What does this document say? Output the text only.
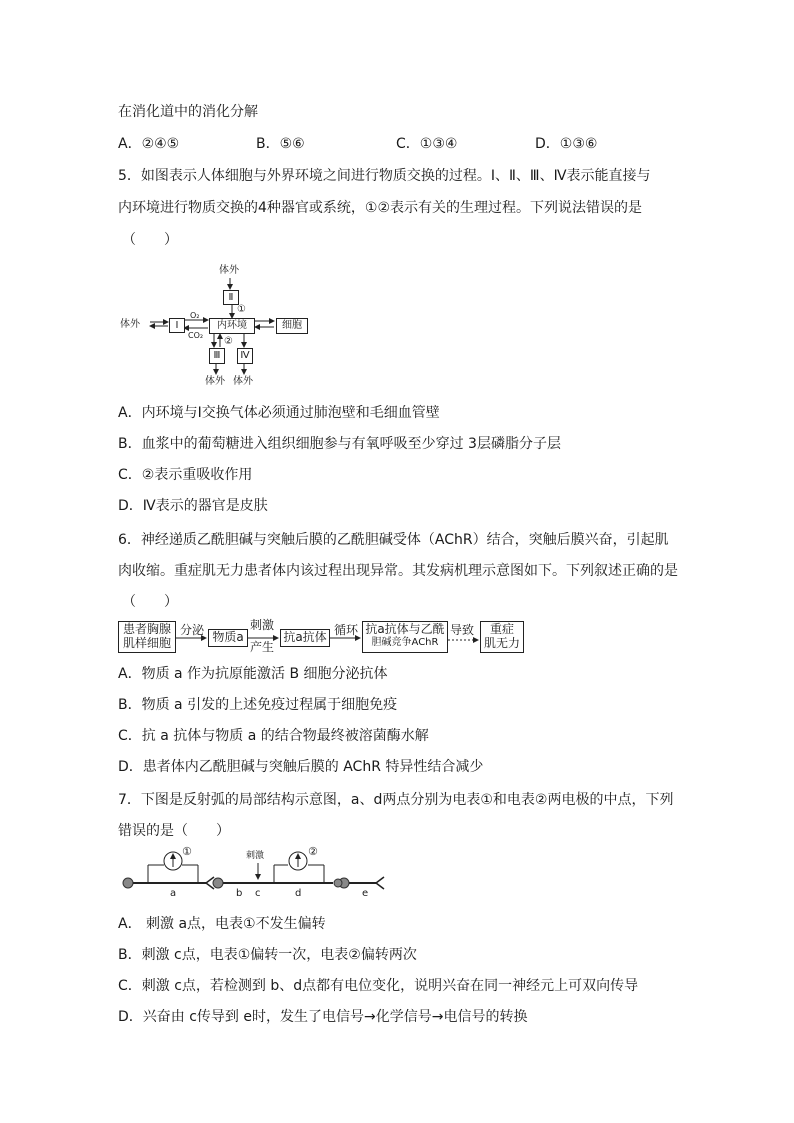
在消化道中的消化分解
A．②④⑤	B．⑤⑥	C．①③④	D．①③⑥
5．如图表示人体细胞与外界环境之间进行物质交换的过程。Ⅰ、Ⅱ、Ⅲ、Ⅳ表示能直接与
内环境进行物质交换的4种器官或系统，①②表示有关的生理过程。下列说法错误的是
（　　）
体外
Ⅱ
①
体外	Ⅰ
O₂
CO₂
内环境	细胞
②
Ⅲ	Ⅳ
体外 体外
A．内环境与Ⅰ交换气体必须通过肺泡壁和毛细血管壁
B．血浆中的葡萄糖进入组织细胞参与有氧呼吸至少穿过 3层磷脂分子层
C．②表示重吸收作用
D．Ⅳ表示的器官是皮肤
6．神经递质乙酰胆碱与突触后膜的乙酰胆碱受体（AChR）结合，突触后膜兴奋，引起肌
肉收缩。重症肌无力患者体内该过程出现异常。其发病机理示意图如下。下列叙述正确的是
（　　）
患者胸腺
肌样细胞
分泌 物质a
刺激
产生
抗a抗体 循环 抗a抗体与乙酰
胆碱竞争AChR
导致	重症
肌无力
A．物质 a 作为抗原能激活 B 细胞分泌抗体
B．物质 a 引发的上述免疫过程属于细胞免疫
C．抗 a 抗体与物质 a 的结合物最终被溶菌酶水解
D．患者体内乙酰胆碱与突触后膜的 AChR 特异性结合减少
7．下图是反射弧的局部结构示意图，a、d两点分别为电表①和电表②两电极的中点，下列
错误的是（　　）
①	②
刺激
a	b c	d	e
A． 刺激 a点，电表①不发生偏转
B．刺激 c点，电表①偏转一次，电表②偏转两次
C．刺激 c点，若检测到 b、d点都有电位变化，说明兴奋在同一神经元上可双向传导
D．兴奋由 c传导到 e时，发生了电信号→化学信号→电信号的转换
